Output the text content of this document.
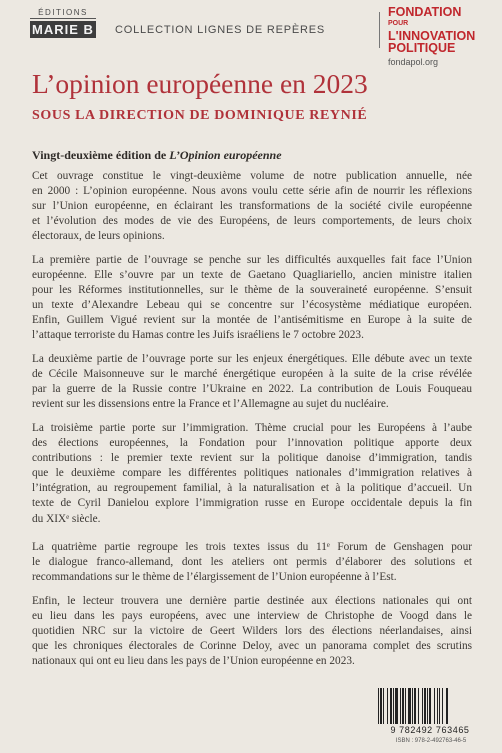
ÉDITIONS
MARIE B COLLECTION LIGNES DE REPÈRES
FONDATION
$^{POUR}$
L'INNOVATION
POLITIQUE
fondapol.org
L’opinion européenne en 2023
SOUS LA DIRECTION DE DOMINIQUE REYNIÉ
Vingt-deuxième édition de L’Opinion européenne
Cet ouvrage constitue le vingt-deuxième volume de notre publication annuelle, née
en 2000 : L’opinion européenne. Nous avons voulu cette série afin de nourrir les réflexions
sur l’Union européenne, en éclairant les transformations de la société civile européenne
et l’évolution des modes de vie des Européens, de leurs comportements, de leurs choix
électoraux, de leurs opinions.
La première partie de l’ouvrage se penche sur les difficultés auxquelles fait face l’Union
européenne. Elle s’ouvre par un texte de Gaetano Quagliariello, ancien ministre italien
pour les Réformes institutionnelles, sur le thème de la souveraineté européenne. S’ensuit
un texte d’Alexandre Lebeau qui se concentre sur l’écosystème médiatique européen.
Enfin, Guillem Vigué revient sur la montée de l’antisémitisme en Europe à la suite de
l’attaque terroriste du Hamas contre les Juifs israéliens le 7 octobre 2023.
La deuxième partie de l’ouvrage porte sur les enjeux énergétiques. Elle débute avec un texte
de Cécile Maisonneuve sur le marché énergétique européen à la suite de la crise révélée
par la guerre de la Russie contre l’Ukraine en 2022. La contribution de Louis Fouqueau
revient sur les dissensions entre la France et l’Allemagne au sujet du nucléaire.
La troisième partie porte sur l’immigration. Thème crucial pour les Européens à l’aube
des élections européennes, la Fondation pour l’innovation politique apporte deux
contributions : le premier texte revient sur la politique danoise d’immigration, tandis
que le deuxième compare les différentes politiques nationales d’immigration relatives à
l’intégration, au regroupement familial, à la naturalisation et à la politique d’accueil. Un
texte de Cyril Danielou explore l’immigration russe en Europe occidentale depuis la fin
du XIXᵉ siècle.
La quatrième partie regroupe les trois textes issus du 11ᵉ Forum de Genshagen pour
le dialogue franco-allemand, dont les ateliers ont permis d’élaborer des solutions et
recommandations sur le thème de l’élargissement de l’Union européenne à l’Est.
Enfin, le lecteur trouvera une dernière partie destinée aux élections nationales qui ont
eu lieu dans les pays européens, avec une interview de Christophe de Voogd dans le
quotidien NRC sur la victoire de Geert Wilders lors des élections néerlandaises, ainsi
que les chroniques électorales de Corinne Deloy, avec un panorama complet des scrutins
nationaux qui ont eu lieu dans les pays de l’Union européenne en 2023.
9 782492 763465
ISBN : 978-2-492763-46-5
